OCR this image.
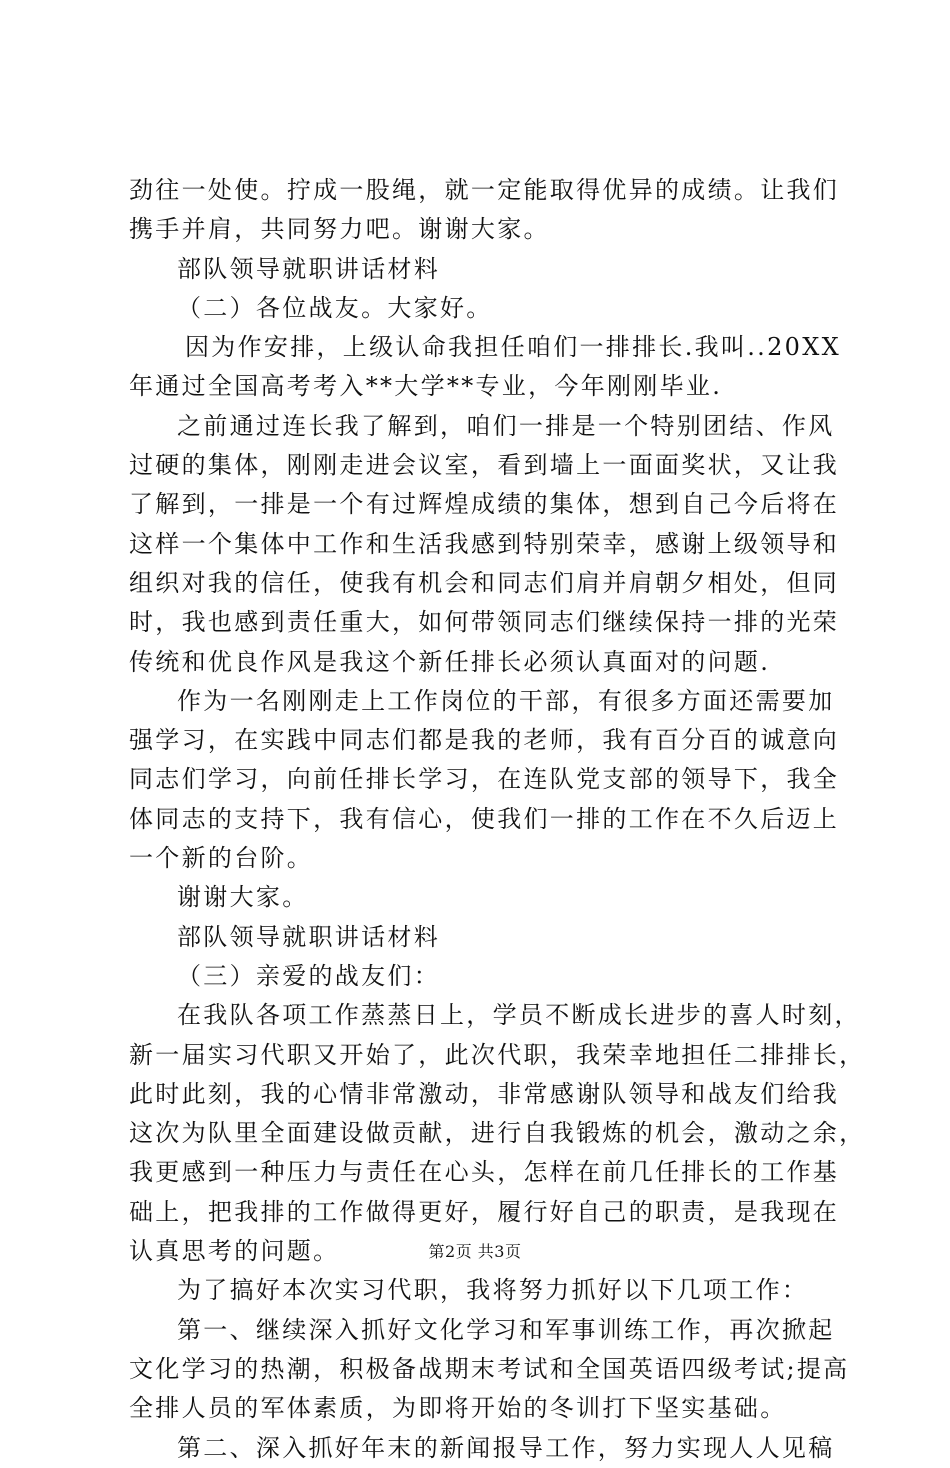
劲往一处使。拧成一股绳，就一定能取得优异的成绩。让我们

携手并肩，共同努力吧。谢谢大家。

部队领导就职讲话材料

（二）各位战友。大家好。

因为作安排，上级认命我担任咱们一排排长.我叫..20XX

年通过全国高考考入**大学**专业，今年刚刚毕业.

之前通过连长我了解到，咱们一排是一个特别团结、作风

过硬的集体，刚刚走进会议室，看到墙上一面面奖状，又让我

了解到，一排是一个有过辉煌成绩的集体，想到自己今后将在

这样一个集体中工作和生活我感到特别荣幸，感谢上级领导和

组织对我的信任，使我有机会和同志们肩并肩朝夕相处，但同

时，我也感到责任重大，如何带领同志们继续保持一排的光荣

传统和优良作风是我这个新任排长必须认真面对的问题.

作为一名刚刚走上工作岗位的干部，有很多方面还需要加

强学习，在实践中同志们都是我的老师，我有百分百的诚意向

同志们学习，向前任排长学习，在连队党支部的领导下，我全

体同志的支持下，我有信心，使我们一排的工作在不久后迈上

一个新的台阶。

谢谢大家。

部队领导就职讲话材料

（三）亲爱的战友们：

在我队各项工作蒸蒸日上，学员不断成长进步的喜人时刻，

新一届实习代职又开始了，此次代职，我荣幸地担任二排排长，

此时此刻，我的心情非常激动，非常感谢队领导和战友们给我

这次为队里全面建设做贡献，进行自我锻炼的机会，激动之余，

我更感到一种压力与责任在心头，怎样在前几任排长的工作基

础上，把我排的工作做得更好，履行好自己的职责，是我现在

认真思考的问题。

为了搞好本次实习代职，我将努力抓好以下几项工作：

第一、继续深入抓好文化学习和军事训练工作，再次掀起

文化学习的热潮，积极备战期末考试和全国英语四级考试;提高

全排人员的军体素质，为即将开始的冬训打下坚实基础。

第二、深入抓好年末的新闻报导工作，努力实现人人见稿

第2页 共3页
